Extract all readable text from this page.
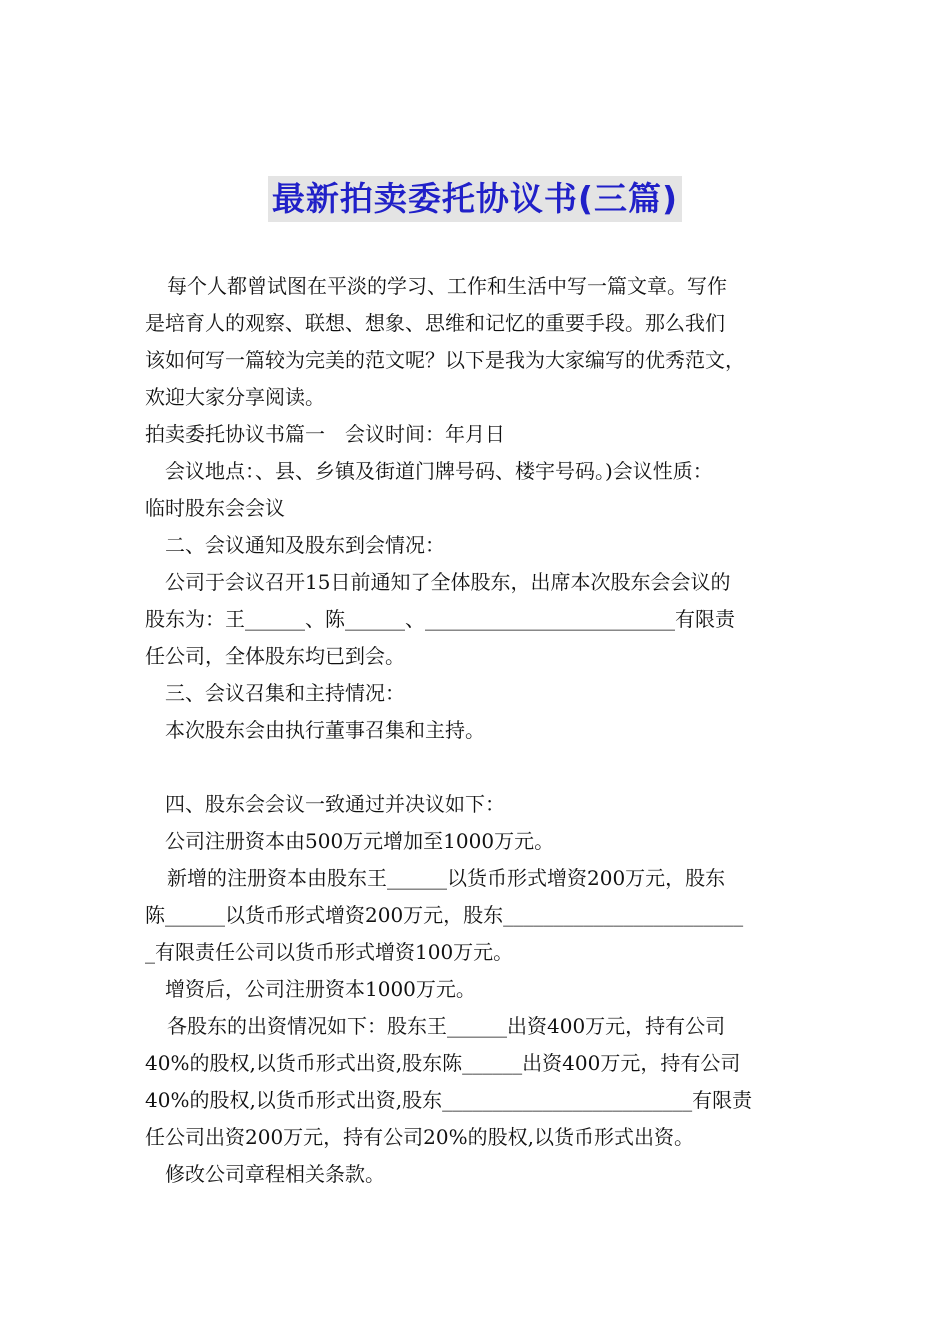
最新拍卖委托协议书(三篇)
每个人都曾试图在平淡的学习、工作和生活中写一篇文章。写作
是培育人的观察、联想、想象、思维和记忆的重要手段。那么我们
该如何写一篇较为完美的范文呢？以下是我为大家编写的优秀范文，
欢迎大家分享阅读。
拍卖委托协议书篇一　会议时间：年月日
会议地点：、县、乡镇及街道门牌号码、楼宇号码。)会议性质：
临时股东会会议
二、会议通知及股东到会情况：
公司于会议召开15日前通知了全体股东，出席本次股东会会议的
股东为：王______、陈______、_________________________有限责
任公司，全体股东均已到会。
三、会议召集和主持情况：
本次股东会由执行董事召集和主持。
四、股东会会议一致通过并决议如下：
公司注册资本由500万元增加至1000万元。
新增的注册资本由股东王______以货币形式增资200万元，股东
陈______以货币形式增资200万元，股东________________________
_有限责任公司以货币形式增资100万元。
增资后，公司注册资本1000万元。
各股东的出资情况如下：股东王______出资400万元，持有公司
40%的股权,以货币形式出资,股东陈______出资400万元，持有公司
40%的股权,以货币形式出资,股东_________________________有限责
任公司出资200万元，持有公司20%的股权,以货币形式出资。
修改公司章程相关条款。
